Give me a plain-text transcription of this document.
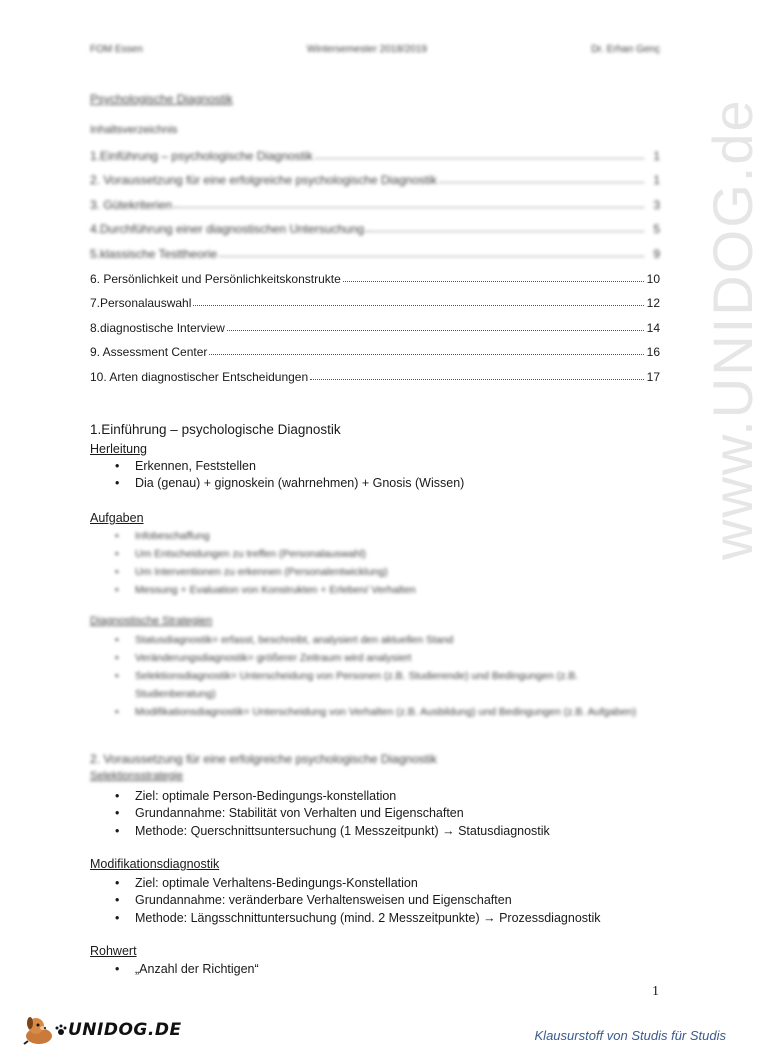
www.UNIDOG.de
FOM Essen	Wintersemester 2018/2019	Dr. Erhan Genç
Psychologische Diagnostik
Inhaltsverzeichnis
1.Einführung – psychologische Diagnostik	1
2. Voraussetzung für eine erfolgreiche psychologische Diagnostik	1
3. Gütekriterien	3
4.Durchführung einer diagnostischen Untersuchung	5
5.klassische Testtheorie	9
6. Persönlichkeit und Persönlichkeitskonstrukte	10
7.Personalauswahl	12
8.diagnostische Interview	14
9. Assessment Center	16
10. Arten diagnostischer Entscheidungen	17
1.Einführung – psychologische Diagnostik
Herleitung
• Erkennen, Feststellen
• Dia (genau) + gignoskein (wahrnehmen) + Gnosis (Wissen)
Aufgaben
• Infobeschaffung
• Um Entscheidungen zu treffen (Personalauswahl)
• Um Interventionen zu erkennen (Personalentwicklung)
• Messung + Evaluation von Konstrukten + Erleben/ Verhalten
Diagnostische Strategien
• Statusdiagnostik= erfasst, beschreibt, analysiert den aktuellen Stand
• Veränderungsdiagnostik= größerer Zeitraum wird analysiert
• Selektionsdiagnostik= Unterscheidung von Personen (z.B. Studierende) und Bedingungen (z.B. Studienberatung)
• Modifikationsdiagnostik= Unterscheidung von Verhalten (z.B. Ausbildung) und Bedingungen (z.B. Aufgaben)
2. Voraussetzung für eine erfolgreiche psychologische Diagnostik
Selektionsstrategie
• Ziel: optimale Person-Bedingungs-konstellation
• Grundannahme: Stabilität von Verhalten und Eigenschaften
• Methode: Querschnittsuntersuchung (1 Messzeitpunkt) → Statusdiagnostik
Modifikationsdiagnostik
• Ziel: optimale Verhaltens-Bedingungs-Konstellation
• Grundannahme: veränderbare Verhaltensweisen und Eigenschaften
• Methode: Längsschnittuntersuchung (mind. 2 Messzeitpunkte) → Prozessdiagnostik
Rohwert
• „Anzahl der Richtigen“
1
UNIDOG.DE	Klausurstoff von Studis für Studis
